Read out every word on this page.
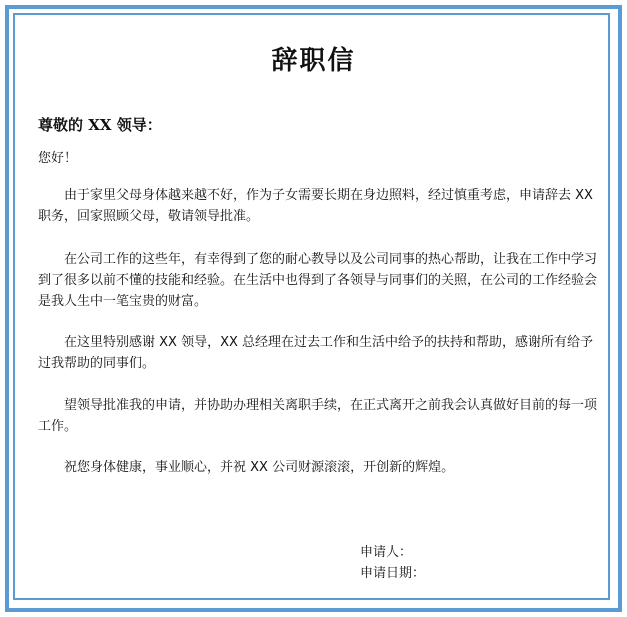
辞职信
尊敬的 XX 领导：
您好！

由于家里父母身体越来越不好，作为子女需要长期在身边照料，经过慎重考虑，申请辞去 XX 职务，回家照顾父母，敬请领导批准。

在公司工作的这些年，有幸得到了您的耐心教导以及公司同事的热心帮助，让我在工作中学习到了很多以前不懂的技能和经验。在生活中也得到了各领导与同事们的关照，在公司的工作经验会是我人生中一笔宝贵的财富。

在这里特别感谢 XX 领导，XX 总经理在过去工作和生活中给予的扶持和帮助，感谢所有给予过我帮助的同事们。

望领导批准我的申请，并协助办理相关离职手续，在正式离开之前我会认真做好目前的每一项工作。

祝您身体健康，事业顺心，并祝 XX 公司财源滚滚，开创新的辉煌。

申请人：
申请日期：
